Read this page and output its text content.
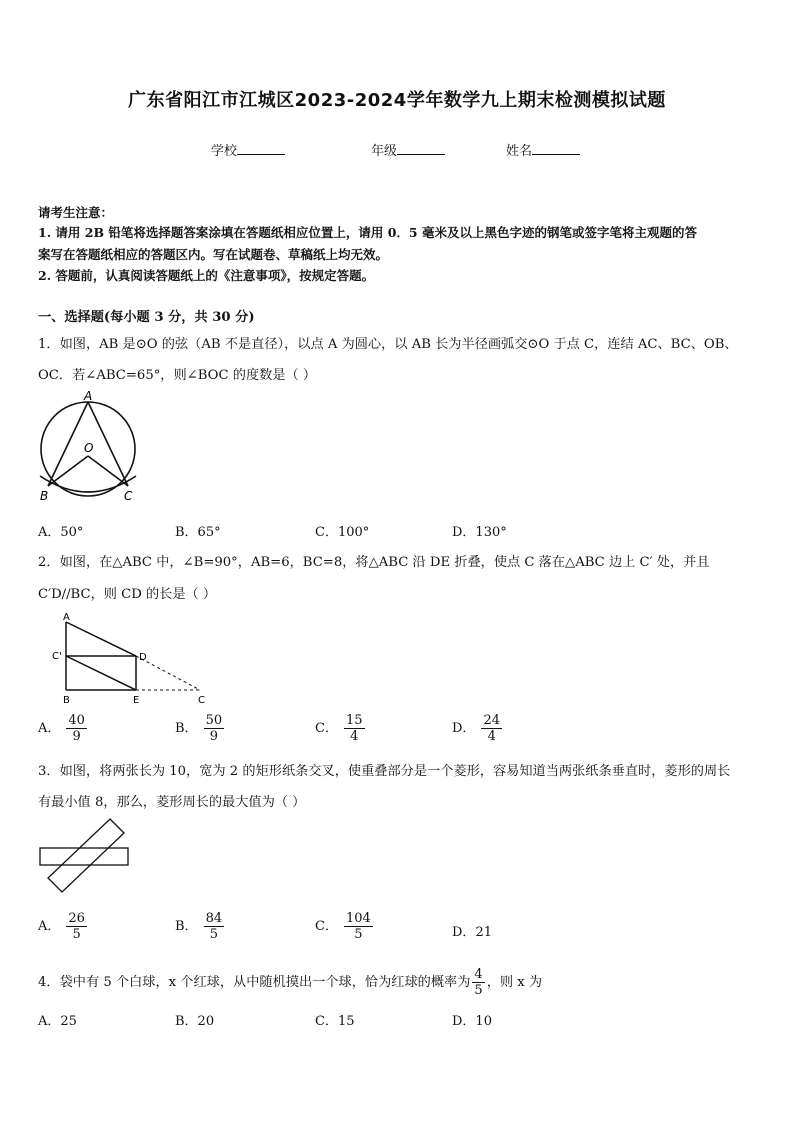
广东省阳江市江城区2023-2024学年数学九上期末检测模拟试题
学校	年级	姓名
请考生注意：
1. 请用 2B 铅笔将选择题答案涂填在答题纸相应位置上，请用 0．5 毫米及以上黑色字迹的钢笔或签字笔将主观题的答
案写在答题纸相应的答题区内。写在试题卷、草稿纸上均无效。
2. 答题前，认真阅读答题纸上的《注意事项》，按规定答题。
一、选择题(每小题 3 分，共 30 分)
1．如图，AB 是⊙O 的弦（AB 不是直径），以点 A 为圆心，以 AB 长为半径画弧交⊙O 于点 C，连结 AC、BC、OB、
OC．若∠ABC=65°，则∠BOC 的度数是（ ）
A
O
B	C
A．50°	B．65°	C．100°	D．130°
2．如图，在△ABC 中，∠B=90°，AB=6，BC=8，将△ABC 沿 DE 折叠，使点 C 落在△ABC 边上 C′ 处，并且
C′D//BC，则 CD 的长是（ ）
A
C'	D
B	E	C
A． $\frac{40}{9}$	B． $\frac{50}{9}$	C． $\frac{15}{4}$	D． $\frac{24}{4}$
3．如图，将两张长为 10，宽为 2 的矩形纸条交叉，使重叠部分是一个菱形，容易知道当两张纸条垂直时，菱形的周长
有最小值 8，那么，菱形周长的最大值为（ ）
A． $\frac{26}{5}$	B． $\frac{84}{5}$	C． $\frac{104}{5}$	D．21
4．袋中有 5 个白球，x 个红球，从中随机摸出一个球，恰为红球的概率为 $\frac{4}{5}$ ，则 x 为
A．25	B．20	C．15	D．10
